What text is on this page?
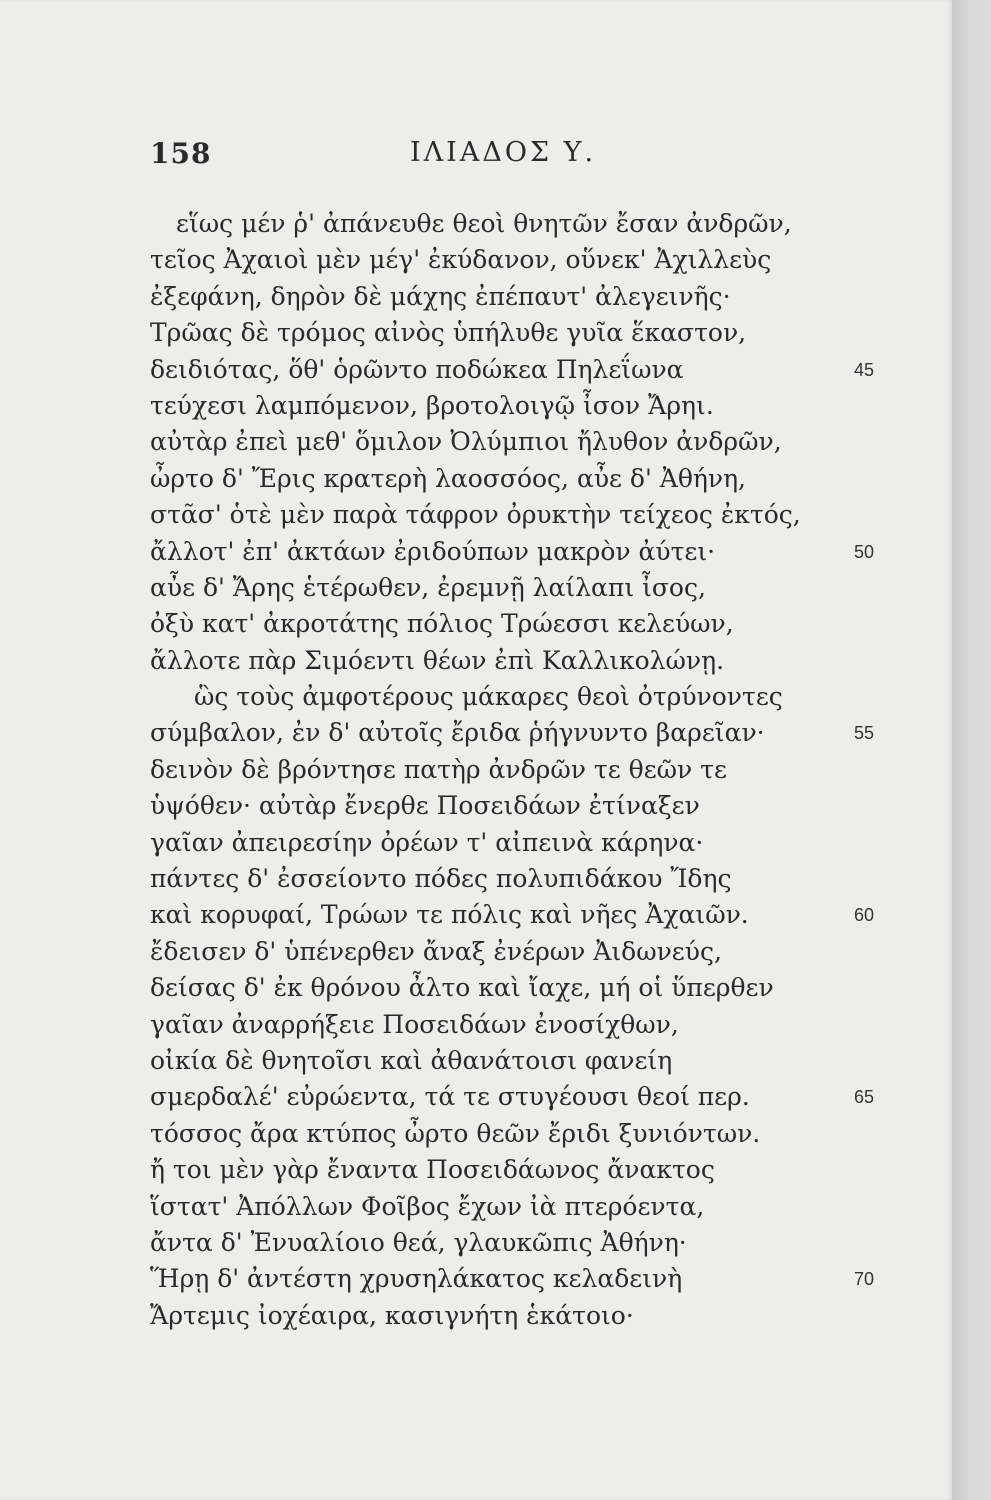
158	ΙΛΙΑΔΟΣ Υ.
εἵως μέν ῥ' ἀπάνευθε θεοὶ θνητῶν ἔσαν ἀνδρῶν,
τεῖος Ἀχαιοὶ μὲν μέγ' ἐκύδανον, οὕνεκ' Ἀχιλλεὺς
ἐξεφάνη, δηρὸν δὲ μάχης ἐπέπαυτ' ἀλεγεινῆς·
Τρῶας δὲ τρόμος αἰνὸς ὑπήλυθε γυῖα ἕκαστον,
δειδιότας, ὅθ' ὁρῶντο ποδώκεα Πηλεΐωνα	45
τεύχεσι λαμπόμενον, βροτολοιγῷ ἶσον Ἄρηι.
αὐτὰρ ἐπεὶ μεθ' ὅμιλον Ὀλύμπιοι ἤλυθον ἀνδρῶν,
ὦρτο δ' Ἔρις κρατερὴ λαοσσόος, αὖε δ' Ἀθήνη,
στᾶσ' ὁτὲ μὲν παρὰ τάφρον ὀρυκτὴν τείχεος ἐκτός,
ἄλλοτ' ἐπ' ἀκτάων ἐριδούπων μακρὸν ἀύτει·	50
αὖε δ' Ἄρης ἑτέρωθεν, ἐρεμνῇ λαίλαπι ἶσος,
ὀξὺ κατ' ἀκροτάτης πόλιος Τρώεσσι κελεύων,
ἄλλοτε πὰρ Σιμόεντι θέων ἐπὶ Καλλικολώνῃ.
ὣς τοὺς ἀμφοτέρους μάκαρες θεοὶ ὀτρύνοντες
σύμβαλον, ἐν δ' αὐτοῖς ἔριδα ῥήγνυντο βαρεῖαν·	55
δεινὸν δὲ βρόντησε πατὴρ ἀνδρῶν τε θεῶν τε
ὑψόθεν· αὐτὰρ ἔνερθε Ποσειδάων ἐτίναξεν
γαῖαν ἀπειρεσίην ὀρέων τ' αἰπεινὰ κάρηνα·
πάντες δ' ἐσσείοντο πόδες πολυπιδάκου Ἴδης
καὶ κορυφαί, Τρώων τε πόλις καὶ νῆες Ἀχαιῶν.	60
ἔδεισεν δ' ὑπένερθεν ἄναξ ἐνέρων Ἀιδωνεύς,
δείσας δ' ἐκ θρόνου ἆλτο καὶ ἴαχε, μή οἱ ὕπερθεν
γαῖαν ἀναρρήξειε Ποσειδάων ἐνοσίχθων,
οἰκία δὲ θνητοῖσι καὶ ἀθανάτοισι φανείη
σμερδαλέ' εὐρώεντα, τά τε στυγέουσι θεοί περ.	65
τόσσος ἄρα κτύπος ὦρτο θεῶν ἔριδι ξυνιόντων.
ἤ τοι μὲν γὰρ ἔναντα Ποσειδάωνος ἄνακτος
ἵστατ' Ἀπόλλων Φοῖβος ἔχων ἰὰ πτερόεντα,
ἄντα δ' Ἐνυαλίοιο θεά, γλαυκῶπις Ἀθήνη·
Ἥρῃ δ' ἀντέστη χρυσηλάκατος κελαδεινὴ	70
Ἄρτεμις ἰοχέαιρα, κασιγνήτη ἑκάτοιο·
